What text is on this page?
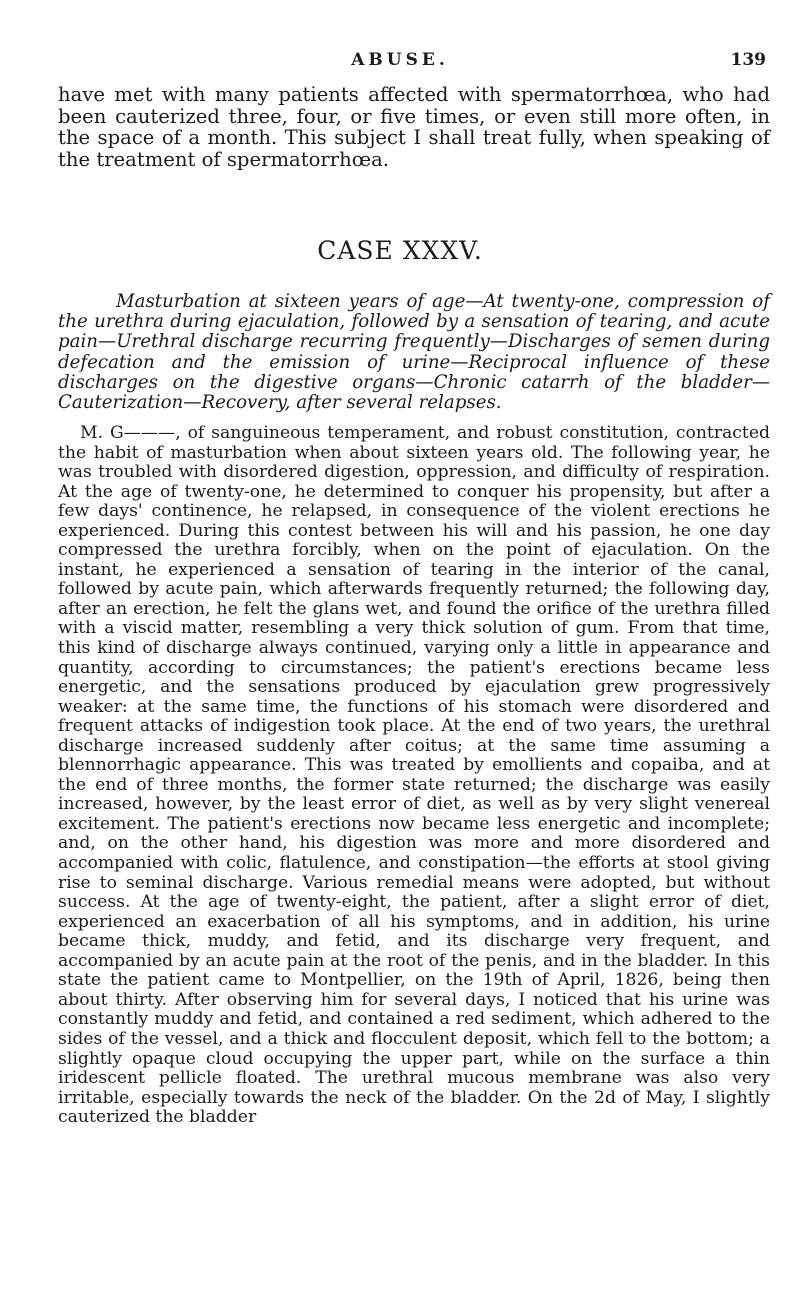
ABUSE.	139

have met with many patients affected with spermatorrhœa, who had been cauterized three, four, or five times, or even still more often, in the space of a month. This subject I shall treat fully, when speaking of the treatment of spermatorrhœa.

CASE XXXV.

Masturbation at sixteen years of age—At twenty-one, compression of the urethra during ejaculation, followed by a sensation of tearing, and acute pain—Urethral discharge recurring frequently—Discharges of semen during defecation and the emission of urine—Reciprocal influence of these discharges on the digestive organs—Chronic catarrh of the bladder—Cauterization—Recovery, after several relapses.

M. G———, of sanguineous temperament, and robust constitution, contracted the habit of masturbation when about sixteen years old. The following year, he was troubled with disordered digestion, oppression, and difficulty of respiration. At the age of twenty-one, he determined to conquer his propensity, but after a few days' continence, he relapsed, in consequence of the violent erections he experienced. During this contest between his will and his passion, he one day compressed the urethra forcibly, when on the point of ejaculation. On the instant, he experienced a sensation of tearing in the interior of the canal, followed by acute pain, which afterwards frequently returned; the following day, after an erection, he felt the glans wet, and found the orifice of the urethra filled with a viscid matter, resembling a very thick solution of gum. From that time, this kind of discharge always continued, varying only a little in appearance and quantity, according to circumstances; the patient's erections became less energetic, and the sensations produced by ejaculation grew progressively weaker: at the same time, the functions of his stomach were disordered and frequent attacks of indigestion took place. At the end of two years, the urethral discharge increased suddenly after coitus; at the same time assuming a blennorrhagic appearance. This was treated by emollients and copaiba, and at the end of three months, the former state returned; the discharge was easily increased, however, by the least error of diet, as well as by very slight venereal excitement. The patient's erections now became less energetic and incomplete; and, on the other hand, his digestion was more and more disordered and accompanied with colic, flatulence, and constipation—the efforts at stool giving rise to seminal discharge. Various remedial means were adopted, but without success. At the age of twenty-eight, the patient, after a slight error of diet, experienced an exacerbation of all his symptoms, and in addition, his urine became thick, muddy, and fetid, and its discharge very frequent, and accompanied by an acute pain at the root of the penis, and in the bladder. In this state the patient came to Montpellier, on the 19th of April, 1826, being then about thirty. After observing him for several days, I noticed that his urine was constantly muddy and fetid, and contained a red sediment, which adhered to the sides of the vessel, and a thick and flocculent deposit, which fell to the bottom; a slightly opaque cloud occupying the upper part, while on the surface a thin iridescent pellicle floated. The urethral mucous membrane was also very irritable, especially towards the neck of the bladder. On the 2d of May, I slightly cauterized the bladder
